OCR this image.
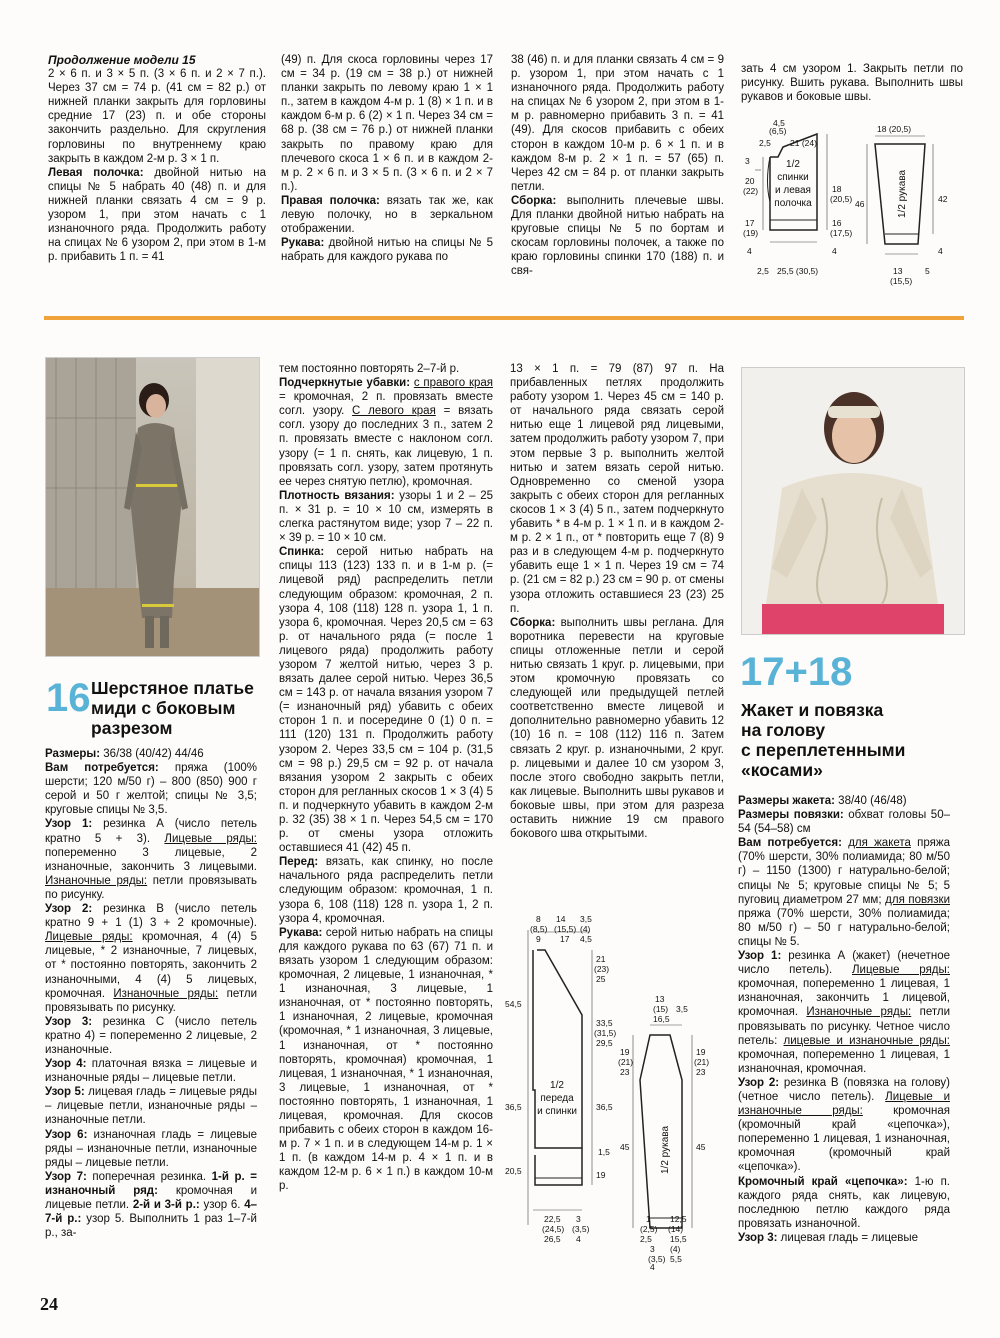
Продолжение модели 15

2 × 6 п. и 3 × 5 п. (3 × 6 п. и 2 × 7 п.). Через 37 см = 74 р. (41 см = 82 р.) от нижней планки закрыть для горловины средние 17 (23) п. и обе стороны закончить раздельно. Для скругления горловины по внутреннему краю закрыть в каждом 2-м р. 3 × 1 п.

Левая полочка: двойной нитью на спицы № 5 набрать 40 (48) п. и для нижней планки связать 4 см = 9 р. узором 1, при этом начать с 1 изнаночного ряда. Продолжить работу на спицах № 6 узором 2, при этом в 1-м р. прибавить 1 п. = 41

(49) п. Для скоса горловины через 17 см = 34 р. (19 см = 38 р.) от нижней планки закрыть по левому краю 1 × 1 п., затем в каждом 4-м р. 1 (8) × 1 п. и в каждом 6-м р. 6 (2) × 1 п. Через 34 см = 68 р. (38 см = 76 р.) от нижней планки закрыть по правому краю для плечевого скоса 1 × 6 п. и в каждом 2-м р. 2 × 6 п. и 3 × 5 п. (3 × 6 п. и 2 × 7 п.).

Правая полочка: вязать так же, как левую полочку, но в зеркальном отображении.

Рукава: двойной нитью на спицы № 5 набрать для каждого рукава по

38 (46) п. и для планки связать 4 см = 9 р. узором 1, при этом начать с 1 изнаночного ряда. Продолжить работу на спицах № 6 узором 2, при этом в 1-м р. равномерно прибавить 3 п. = 41 (49). Для скосов прибавить с обеих сторон в каждом 10-м р. 6 × 1 п. и в каждом 8-м р. 2 × 1 п. = 57 (65) п. Через 42 см = 84 р. от планки закрыть петли.

Сборка: выполнить плечевые швы. Для планки двойной нитью набрать на круговые спицы № 5 по бортам и скосам горловины полочек, а также по краю горловины спинки 170 (188) п. и свя-

зать 4 см узором 1. Закрыть петли по рисунку. Вшить рукава. Выполнить швы рукавов и боковые швы.

4,5
(6,5)
2,5 21 (24)
3
20
(22)	18
(20,5)
17
(19)
16
(17,5)
4	4
2,5 25,5 (30,5)
18 (20,5)
46	42
4
13
(15,5)
5
1/2
спинки
и левая
полочка	1/2 рукава
16 Шерстяное платье
миди с боковым
разрезом

Размеры: 36/38 (40/42) 44/46

Вам потребуется: пряжа (100% шерсти; 120 м/50 г) – 800 (850) 900 г серой и 50 г желтой; спицы № 3,5; круговые спицы № 3,5.

Узор 1: резинка А (число петель кратно 5 + 3). Лицевые ряды: попеременно 3 лицевые, 2 изнаночные, закончить 3 лицевыми. Изнаночные ряды: петли провязывать по рисунку.

Узор 2: резинка В (число петель кратно 9 + 1 (1) 3 + 2 кромочные). Лицевые ряды: кромочная, 4 (4) 5 лицевые, * 2 изнаночные, 7 лицевых, от * постоянно повторять, закончить 2 изнаночными, 4 (4) 5 лицевых, кромочная. Изнаночные ряды: петли провязывать по рисунку.

Узор 3: резинка С (число петель кратно 4) = попеременно 2 лицевые, 2 изнаночные.

Узор 4: платочная вязка = лицевые и изнаночные ряды – лицевые петли.

Узор 5: лицевая гладь = лицевые ряды – лицевые петли, изнаночные ряды – изнаночные петли.

Узор 6: изнаночная гладь = лицевые ряды – изнаночные петли, изнаночные ряды – лицевые петли.

Узор 7: поперечная резинка. 1-й р. = изнаночный ряд: кромочная и лицевые петли. 2-й и 3-й р.: узор 6. 4–7-й р.: узор 5. Выполнить 1 раз 1–7-й р., за-

тем постоянно повторять 2–7-й р.

Подчеркнутые убавки: с правого края = кромочная, 2 п. провязать вместе согл. узору. С левого края = вязать согл. узору до последних 3 п., затем 2 п. провязать вместе с наклоном согл. узору (= 1 п. снять, как лицевую, 1 п. провязать согл. узору, затем протянуть ее через снятую петлю), кромочная.

Плотность вязания: узоры 1 и 2 – 25 п. × 31 р. = 10 × 10 см, измерять в слегка растянутом виде; узор 7 – 22 п. × 39 р. = 10 × 10 см.

Спинка: серой нитью набрать на спицы 113 (123) 133 п. и в 1-м р. (= лицевой ряд) распределить петли следующим образом: кромочная, 2 п. узора 4, 108 (118) 128 п. узора 1, 1 п. узора 6, кромочная. Через 20,5 см = 63 р. от начального ряда (= после 1 лицевого ряда) продолжить работу узором 7 желтой нитью, через 3 р. вязать далее серой нитью. Через 36,5 см = 143 р. от начала вязания узором 7 (= изнаночный ряд) убавить с обеих сторон 1 п. и посередине 0 (1) 0 п. = 111 (120) 131 п. Продолжить работу узором 2. Через 33,5 см = 104 р. (31,5 см = 98 р.) 29,5 см = 92 р. от начала вязания узором 2 закрыть с обеих сторон для регланных скосов 1 × 3 (4) 5 п. и подчеркнуто убавить в каждом 2-м р. 32 (35) 38 × 1 п. Через 54,5 см = 170 р. от смены узора отложить оставшиеся 41 (42) 45 п.

Перед: вязать, как спинку, но после начального ряда распределить петли следующим образом: кромочная, 1 п. узора 6, 108 (118) 128 п. узора 1, 2 п. узора 4, кромочная.

Рукава: серой нитью набрать на спицы для каждого рукава по 63 (67) 71 п. и вязать узором 1 следующим образом: кромочная, 2 лицевые, 1 изнаночная, * 1 изнаночная, 3 лицевые, 1 изнаночная, от * постоянно повторять, 1 изнаночная, 2 лицевые, кромочная (кромочная, * 1 изнаночная, 3 лицевые, 1 изнаночная, от * постоянно повторять, кромочная) кромочная, 1 лицевая, 1 изнаночная, * 1 изнаночная, 3 лицевые, 1 изнаночная, от * постоянно повторять, 1 изнаночная, 1 лицевая, кромочная. Для скосов прибавить с обеих сторон в каждом 16-м р. 7 × 1 п. и в следующем 14-м р. 1 × 1 п. (в каждом 14-м р. 4 × 1 п. и в каждом 12-м р. 6 × 1 п.) в каждом 10-м р.

13 × 1 п. = 79 (87) 97 п. На прибавленных петлях продолжить работу узором 1. Через 45 см = 140 р. от начального ряда связать серой нитью еще 1 лицевой ряд лицевыми, затем продолжить работу узором 7, при этом первые 3 р. выполнить желтой нитью и затем вязать серой нитью. Одновременно со сменой узора закрыть с обеих сторон для регланных скосов 1 × 3 (4) 5 п., затем подчеркнуто убавить * в 4-м р. 1 × 1 п. и в каждом 2-м р. 2 × 1 п., от * повторить еще 7 (8) 9 раз и в следующем 4-м р. подчеркнуто убавить еще 1 × 1 п. Через 19 см = 74 р. (21 см = 82 р.) 23 см = 90 р. от смены узора отложить оставшиеся 23 (23) 25 п.

Сборка: выполнить швы реглана. Для воротника перевести на круговые спицы отложенные петли и серой нитью связать 1 круг. р. лицевыми, при этом кромочную провязать со следующей или предыдущей петлей соответственно вместе лицевой и дополнительно равномерно убавить 12 (10) 16 п. = 108 (112) 116 п. Затем связать 2 круг. р. изнаночными, 2 круг. р. лицевыми и далее 10 см узором 3, после этого свободно закрыть петли, как лицевые. Выполнить швы рукавов и боковые швы, при этом для разреза оставить нижние 19 см правого бокового шва открытыми.

8
(8,5)
9
14
(15,5)
17
3,5
(4)
4,5
21
(23)
25
54,5
33,5
(31,5)
29,5
36,5	36,5
1,5
20,5	19
22,5
(24,5)
26,5
3
(3,5)
4
13
(15)
16,5
3,5
19
(21)
23
19
(21)
23
45	45
1
(2,5)
2,5
12,5
(14)
15,5
3
(3,5)
4
(4)
5,5
1/2
переда
и спинки
1/2 рукава
17+18
Жакет и повязка
на голову
с переплетенными
«косами»

Размеры жакета: 38/40 (46/48)

Размеры повязки: обхват головы 50–54 (54–58) см

Вам потребуется: для жакета пряжа (70% шерсти, 30% полиамида; 80 м/50 г) – 1150 (1300) г натурально-белой; спицы № 5; круговые спицы № 5; 5 пуговиц диаметром 27 мм; для повязки пряжа (70% шерсти, 30% полиамида; 80 м/50 г) – 50 г натурально-белой; спицы № 5.

Узор 1: резинка А (жакет) (нечетное число петель). Лицевые ряды: кромочная, попеременно 1 лицевая, 1 изнаночная, закончить 1 лицевой, кромочная. Изнаночные ряды: петли провязывать по рисунку. Четное число петель: лицевые и изнаночные ряды: кромочная, попеременно 1 лицевая, 1 изнаночная, кромочная.

Узор 2: резинка В (повязка на голову) (четное число петель). Лицевые и изнаночные ряды: кромочная (кромочный край «цепочка»), попеременно 1 лицевая, 1 изнаночная, кромочная (кромочный край «цепочка»).

Кромочный край «цепочка»: 1-ю п. каждого ряда снять, как лицевую, последнюю петлю каждого ряда провязать изнаночной.

Узор 3: лицевая гладь = лицевые

24
